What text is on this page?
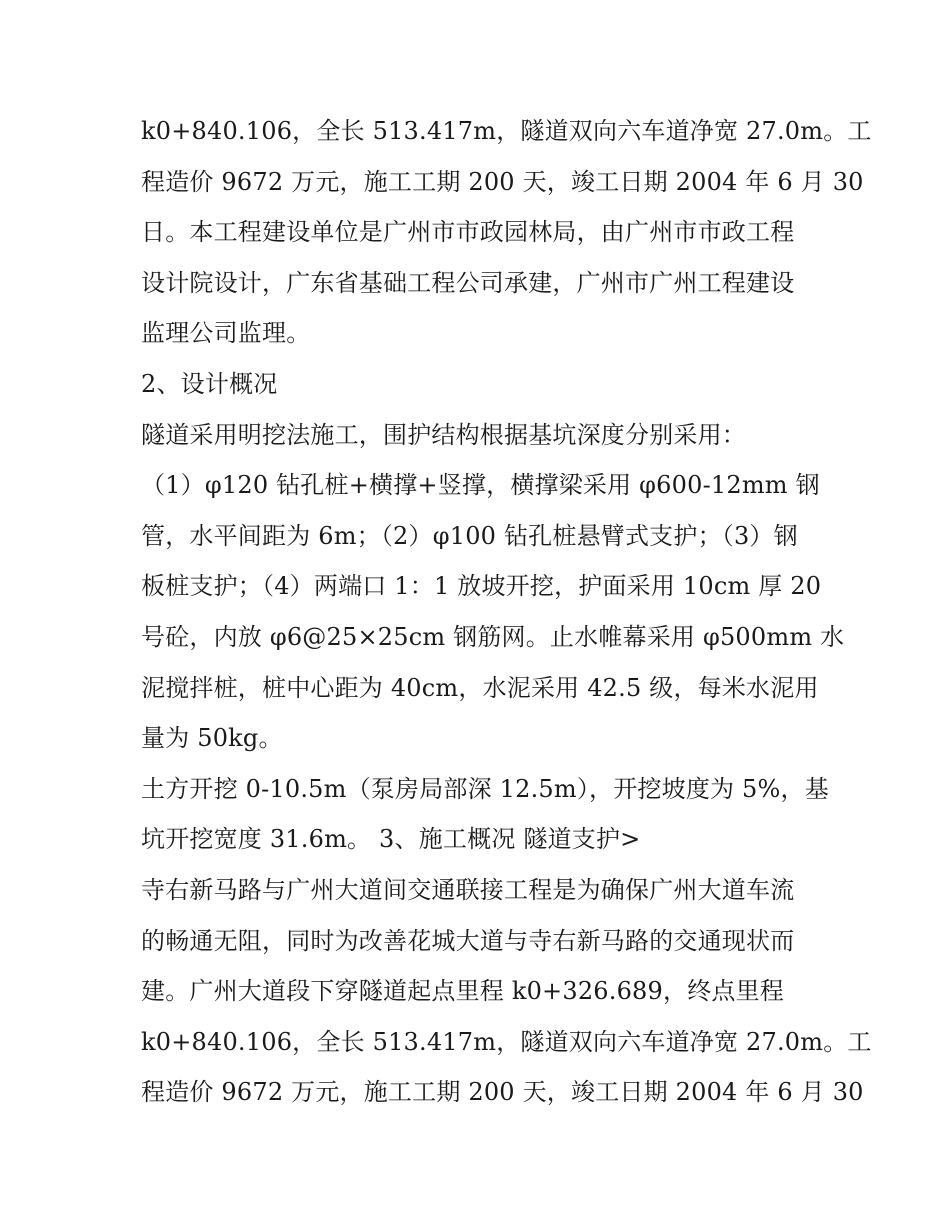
k0+840.106，全长 513.417m，隧道双向六车道净宽 27.0m。工
程造价 9672 万元，施工工期 200 天，竣工日期 2004 年 6 月 30
日。本工程建设单位是广州市市政园林局，由广州市市政工程
设计院设计，广东省基础工程公司承建，广州市广州工程建设
监理公司监理。
2、设计概况
隧道采用明挖法施工，围护结构根据基坑深度分别采用：
（1）φ120 钻孔桩+横撑+竖撑，横撑梁采用 φ600-12mm 钢
管，水平间距为 6m；（2）φ100 钻孔桩悬臂式支护；（3）钢
板桩支护；（4）两端口 1：1 放坡开挖，护面采用 10cm 厚 20
号砼，内放 φ6@25×25cm 钢筋网。止水帷幕采用 φ500mm 水
泥搅拌桩，桩中心距为 40cm，水泥采用 42.5 级，每米水泥用
量为 50kg。
土方开挖 0-10.5m（泵房局部深 12.5m），开挖坡度为 5%，基
坑开挖宽度 31.6m。 3、施工概况 隧道支护>
寺右新马路与广州大道间交通联接工程是为确保广州大道车流
的畅通无阻，同时为改善花城大道与寺右新马路的交通现状而
建。广州大道段下穿隧道起点里程 k0+326.689，终点里程
k0+840.106，全长 513.417m，隧道双向六车道净宽 27.0m。工
程造价 9672 万元，施工工期 200 天，竣工日期 2004 年 6 月 30
